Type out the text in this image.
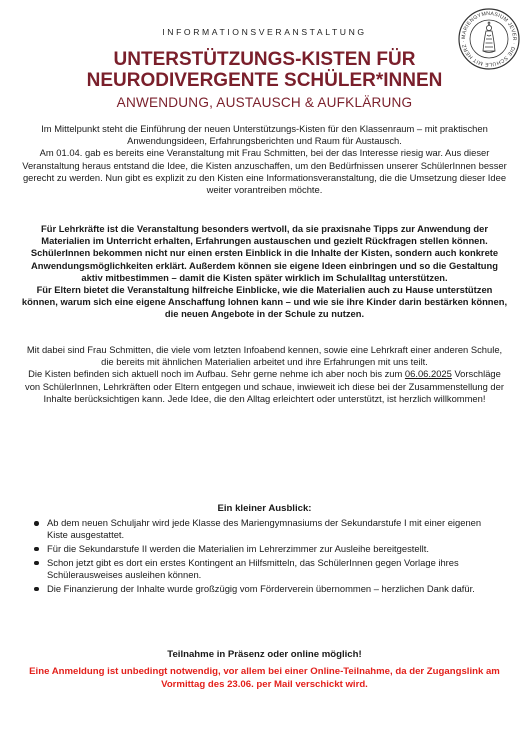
MARIENGYMNASIUM JEVER · DIE SCHULE MIT HERZ ·
INFORMATIONSVERANSTALTUNG
UNTERSTÜTZUNGS-KISTEN FÜR
NEURODIVERGENTE SCHÜLER*INNEN
ANWENDUNG, AUSTAUSCH & AUFKLÄRUNG

Im Mittelpunkt steht die Einführung der neuen Unterstützungs-Kisten für den Klassenraum – mit praktischen Anwendungsideen, Erfahrungsberichten und Raum für Austausch.

Am 01.04. gab es bereits eine Veranstaltung mit Frau Schmitten, bei der das Interesse riesig war. Aus dieser Veranstaltung heraus entstand die Idee, die Kisten anzuschaffen, um den Bedürfnissen unserer SchülerInnen besser gerecht zu werden. Nun gibt es explizit zu den Kisten eine Informationsveranstaltung, die die Umsetzung dieser Idee weiter vorantreiben möchte.

Für Lehrkräfte ist die Veranstaltung besonders wertvoll, da sie praxisnahe Tipps zur Anwendung der Materialien im Unterricht erhalten, Erfahrungen austauschen und gezielt Rückfragen stellen können.

SchülerInnen bekommen nicht nur einen ersten Einblick in die Inhalte der Kisten, sondern auch konkrete Anwendungsmöglichkeiten erklärt. Außerdem können sie eigene Ideen einbringen und so die Gestaltung aktiv mitbestimmen – damit die Kisten später wirklich im Schulalltag unterstützen.

Für Eltern bietet die Veranstaltung hilfreiche Einblicke, wie die Materialien auch zu Hause unterstützen können, warum sich eine eigene Anschaffung lohnen kann – und wie sie ihre Kinder darin bestärken können, die neuen Angebote in der Schule zu nutzen.

Mit dabei sind Frau Schmitten, die viele vom letzten Infoabend kennen, sowie eine Lehrkraft einer anderen Schule, die bereits mit ähnlichen Materialien arbeitet und ihre Erfahrungen mit uns teilt.

Die Kisten befinden sich aktuell noch im Aufbau. Sehr gerne nehme ich aber noch bis zum 06.06.2025 Vorschläge von SchülerInnen, Lehrkräften oder Eltern entgegen und schaue, inwieweit ich diese bei der Zusammenstellung der Inhalte berücksichtigen kann. Jede Idee, die den Alltag erleichtert oder unterstützt, ist herzlich willkommen!

Ein kleiner Ausblick:
Ab dem neuen Schuljahr wird jede Klasse des Mariengymnasiums der Sekundarstufe I mit einer eigenen Kiste ausgestattet.
Für die Sekundarstufe II werden die Materialien im Lehrerzimmer zur Ausleihe bereitgestellt.
Schon jetzt gibt es dort ein erstes Kontingent an Hilfsmitteln, das SchülerInnen gegen Vorlage ihres Schülerausweises ausleihen können.
Die Finanzierung der Inhalte wurde großzügig vom Förderverein übernommen – herzlichen Dank dafür.
Teilnahme in Präsenz oder online möglich!
Eine Anmeldung ist unbedingt notwendig, vor allem bei einer Online-Teilnahme, da der Zugangslink am Vormittag des 23.06. per Mail verschickt wird.
